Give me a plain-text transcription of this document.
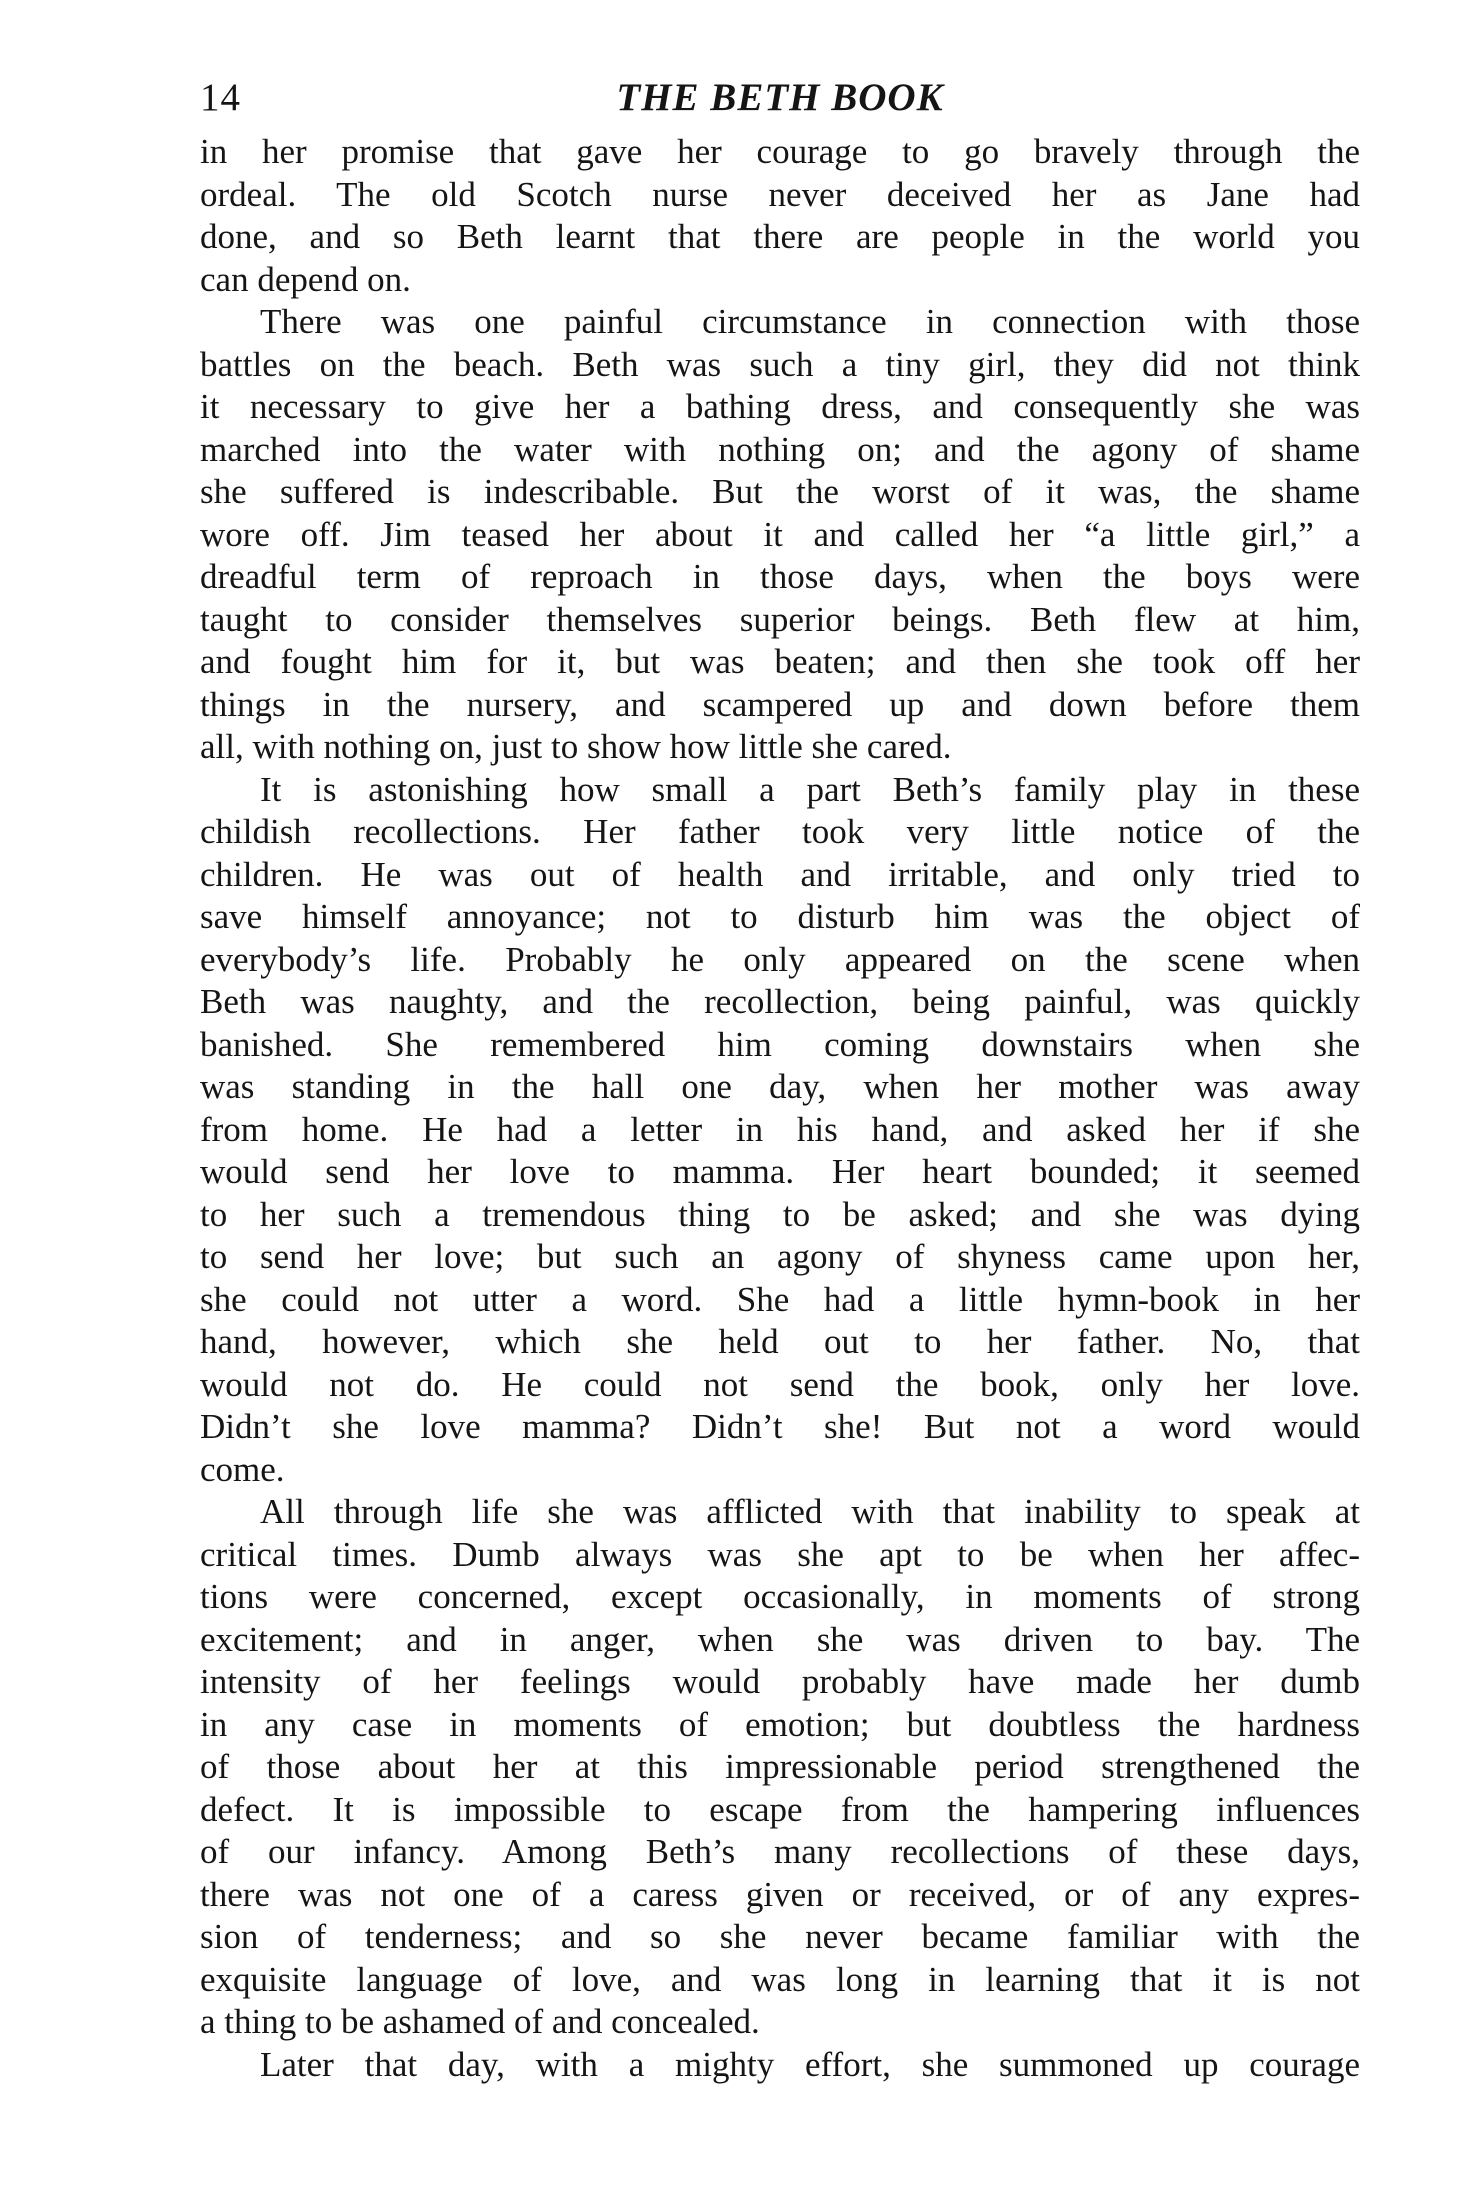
14	THE BETH BOOK
in her promise that gave her courage to go bravely through the
ordeal. The old Scotch nurse never deceived her as Jane had
done, and so Beth learnt that there are people in the world you
can depend on.
There was one painful circumstance in connection with those
battles on the beach. Beth was such a tiny girl, they did not think
it necessary to give her a bathing dress, and consequently she was
marched into the water with nothing on; and the agony of shame
she suffered is indescribable. But the worst of it was, the shame
wore off. Jim teased her about it and called her “a little girl,” a
dreadful term of reproach in those days, when the boys were
taught to consider themselves superior beings. Beth flew at him,
and fought him for it, but was beaten; and then she took off her
things in the nursery, and scampered up and down before them
all, with nothing on, just to show how little she cared.
It is astonishing how small a part Beth’s family play in these
childish recollections. Her father took very little notice of the
children. He was out of health and irritable, and only tried to
save himself annoyance; not to disturb him was the object of
everybody’s life. Probably he only appeared on the scene when
Beth was naughty, and the recollection, being painful, was quickly
banished. She remembered him coming downstairs when she
was standing in the hall one day, when her mother was away
from home. He had a letter in his hand, and asked her if she
would send her love to mamma. Her heart bounded; it seemed
to her such a tremendous thing to be asked; and she was dying
to send her love; but such an agony of shyness came upon her,
she could not utter a word. She had a little hymn-book in her
hand, however, which she held out to her father. No, that
would not do. He could not send the book, only her love.
Didn’t she love mamma? Didn’t she! But not a word would
come.
All through life she was afflicted with that inability to speak at
critical times. Dumb always was she apt to be when her affec-
tions were concerned, except occasionally, in moments of strong
excitement; and in anger, when she was driven to bay. The
intensity of her feelings would probably have made her dumb
in any case in moments of emotion; but doubtless the hardness
of those about her at this impressionable period strengthened the
defect. It is impossible to escape from the hampering influences
of our infancy. Among Beth’s many recollections of these days,
there was not one of a caress given or received, or of any expres-
sion of tenderness; and so she never became familiar with the
exquisite language of love, and was long in learning that it is not
a thing to be ashamed of and concealed.
Later that day, with a mighty effort, she summoned up courage
